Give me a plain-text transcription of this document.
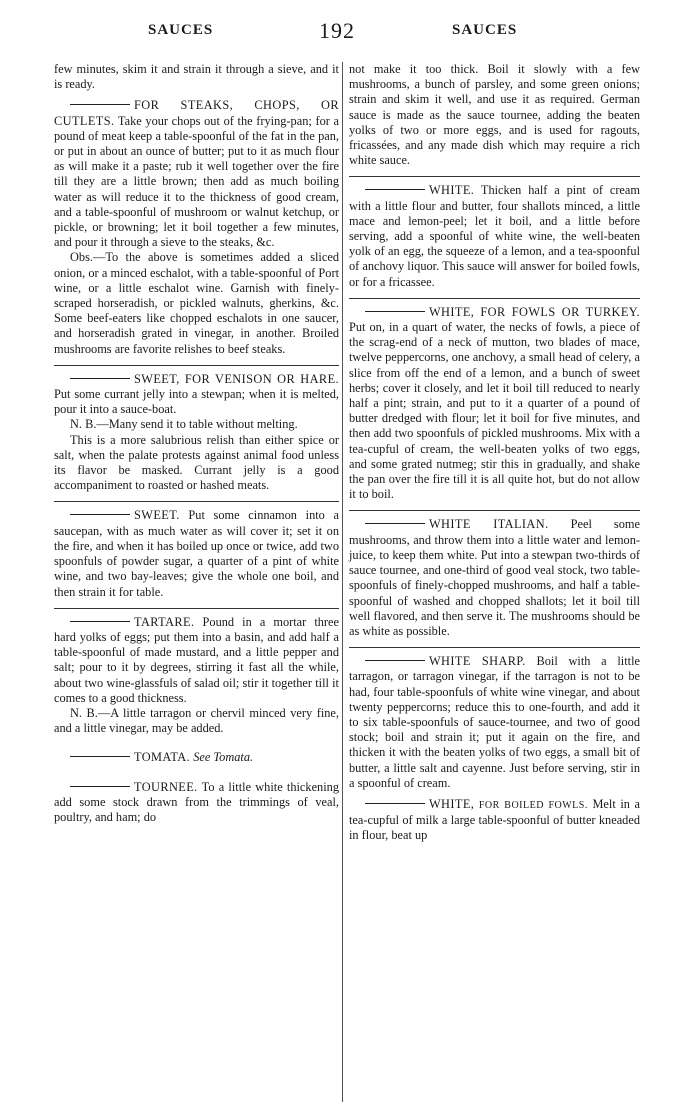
SAUCES	192	SAUCES

few minutes, skim it and strain it through a sieve, and it is ready.

FOR STEAKS, CHOPS, OR CUTLETS. Take your chops out of the frying-pan; for a pound of meat keep a table-spoonful of the fat in the pan, or put in about an ounce of butter; put to it as much flour as will make it a paste; rub it well together over the fire till they are a little brown; then add as much boiling water as will reduce it to the thickness of good cream, and a table-spoonful of mushroom or walnut ketchup, or pickle, or browning; let it boil together a few minutes, and pour it through a sieve to the steaks, &c.

Obs.—To the above is sometimes added a sliced onion, or a minced eschalot, with a table-spoonful of Port wine, or a little eschalot wine. Garnish with finely-scraped horseradish, or pickled walnuts, gherkins, &c. Some beef-eaters like chopped eschalots in one saucer, and horseradish grated in vinegar, in another. Broiled mushrooms are favorite relishes to beef steaks.

SWEET, FOR VENISON OR HARE. Put some currant jelly into a stewpan; when it is melted, pour it into a sauce-boat.

N. B.—Many send it to table without melting.

This is a more salubrious relish than either spice or salt, when the palate protests against animal food unless its flavor be masked. Currant jelly is a good accompaniment to roasted or hashed meats.

SWEET. Put some cinnamon into a saucepan, with as much water as will cover it; set it on the fire, and when it has boiled up once or twice, add two spoonfuls of powder sugar, a quarter of a pint of white wine, and two bay-leaves; give the whole one boil, and then strain it for table.

TARTARE. Pound in a mortar three hard yolks of eggs; put them into a basin, and add half a table-spoonful of made mustard, and a little pepper and salt; pour to it by degrees, stirring it fast all the while, about two wine-glassfuls of salad oil; stir it together till it comes to a good thickness.

N. B.—A little tarragon or chervil minced very fine, and a little vinegar, may be added.

TOMATA. See Tomata.

TOURNEE. To a little white thickening add some stock drawn from the trimmings of veal, poultry, and ham; do

not make it too thick. Boil it slowly with a few mushrooms, a bunch of parsley, and some green onions; strain and skim it well, and use it as required. German sauce is made as the sauce tournee, adding the beaten yolks of two or more eggs, and is used for ragouts, fricassées, and any made dish which may require a rich white sauce.

WHITE. Thicken half a pint of cream with a little flour and butter, four shallots minced, a little mace and lemon-peel; let it boil, and a little before serving, add a spoonful of white wine, the well-beaten yolk of an egg, the squeeze of a lemon, and a tea-spoonful of anchovy liquor. This sauce will answer for boiled fowls, or for a fricassee.

WHITE, FOR FOWLS OR TURKEY. Put on, in a quart of water, the necks of fowls, a piece of the scrag-end of a neck of mutton, two blades of mace, twelve peppercorns, one anchovy, a small head of celery, a slice from off the end of a lemon, and a bunch of sweet herbs; cover it closely, and let it boil till reduced to nearly half a pint; strain, and put to it a quarter of a pound of butter dredged with flour; let it boil for five minutes, and then add two spoonfuls of pickled mushrooms. Mix with a tea-cupful of cream, the well-beaten yolks of two eggs, and some grated nutmeg; stir this in gradually, and shake the pan over the fire till it is all quite hot, but do not allow it to boil.

WHITE ITALIAN. Peel some mushrooms, and throw them into a little water and lemon-juice, to keep them white. Put into a stewpan two-thirds of sauce tournee, and one-third of good veal stock, two table-spoonfuls of finely-chopped mushrooms, and half a table-spoonful of washed and chopped shallots; let it boil till well flavored, and then serve it. The mushrooms should be as white as possible.

WHITE SHARP. Boil with a little tarragon, or tarragon vinegar, if the tarragon is not to be had, four table-spoonfuls of white wine vinegar, and about twenty peppercorns; reduce this to one-fourth, and add it to six table-spoonfuls of sauce-tournee, and two of good stock; boil and strain it; put it again on the fire, and thicken it with the beaten yolks of two eggs, a small bit of butter, a little salt and cayenne. Just before serving, stir in a spoonful of cream.

WHITE, FOR BOILED FOWLS. Melt in a tea-cupful of milk a large table-spoonful of butter kneaded in flour, beat up
